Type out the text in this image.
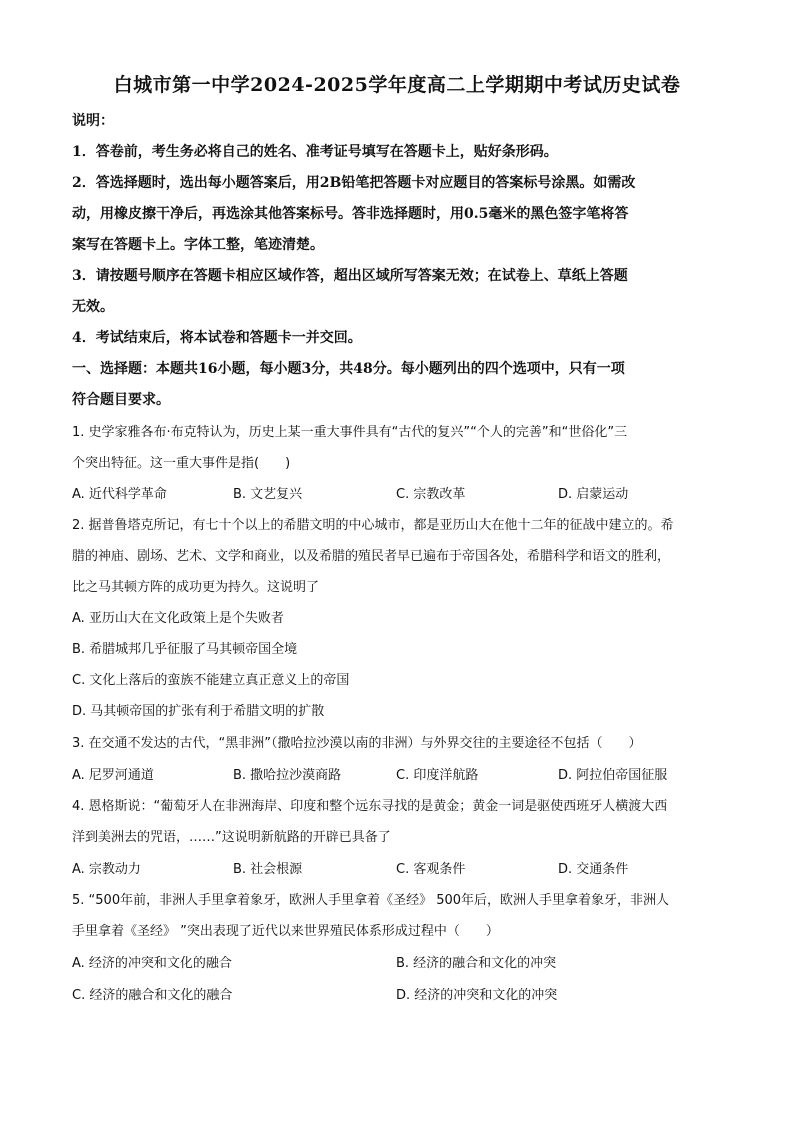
白城市第一中学2024-2025学年度高二上学期期中考试历史试卷
说明：
1．答卷前，考生务必将自己的姓名、准考证号填写在答题卡上，贴好条形码。
2．答选择题时，选出每小题答案后，用2B铅笔把答题卡对应题目的答案标号涂黑。如需改
动，用橡皮擦干净后，再选涂其他答案标号。答非选择题时，用0.5毫米的黑色签字笔将答
案写在答题卡上。字体工整，笔迹清楚。
3．请按题号顺序在答题卡相应区域作答，超出区域所写答案无效；在试卷上、草纸上答题
无效。
4．考试结束后，将本试卷和答题卡一并交回。
一、选择题：本题共16小题，每小题3分，共48分。每小题列出的四个选项中，只有一项
符合题目要求。
1. 史学家雅各布·布克特认为，历史上某一重大事件具有“古代的复兴”“个人的完善”和“世俗化”三
个突出特征。这一重大事件是指(　　)
A. 近代科学革命	B. 文艺复兴	C. 宗教改革	D. 启蒙运动
2. 据普鲁塔克所记，有七十个以上的希腊文明的中心城市，都是亚历山大在他十二年的征战中建立的。希
腊的神庙、剧场、艺术、文学和商业，以及希腊的殖民者早已遍布于帝国各处，希腊科学和语文的胜利，
比之马其顿方阵的成功更为持久。这说明了
A. 亚历山大在文化政策上是个失败者
B. 希腊城邦几乎征服了马其顿帝国全境
C. 文化上落后的蛮族不能建立真正意义上的帝国
D. 马其顿帝国的扩张有利于希腊文明的扩散
3. 在交通不发达的古代，“黑非洲”（撒哈拉沙漠以南的非洲）与外界交往的主要途径不包括（　　）
A. 尼罗河通道	B. 撒哈拉沙漠商路	C. 印度洋航路	D. 阿拉伯帝国征服
4. 恩格斯说：“葡萄牙人在非洲海岸、印度和整个远东寻找的是黄金；黄金一词是驱使西班牙人横渡大西
洋到美洲去的咒语，……”这说明新航路的开辟已具备了
A. 宗教动力	B. 社会根源	C. 客观条件	D. 交通条件
5. “500年前，非洲人手里拿着象牙，欧洲人手里拿着《圣经》 500年后，欧洲人手里拿着象牙，非洲人
手里拿着《圣经》 ”突出表现了近代以来世界殖民体系形成过程中（　　）
A. 经济的冲突和文化的融合	B. 经济的融合和文化的冲突
C. 经济的融合和文化的融合	D. 经济的冲突和文化的冲突
